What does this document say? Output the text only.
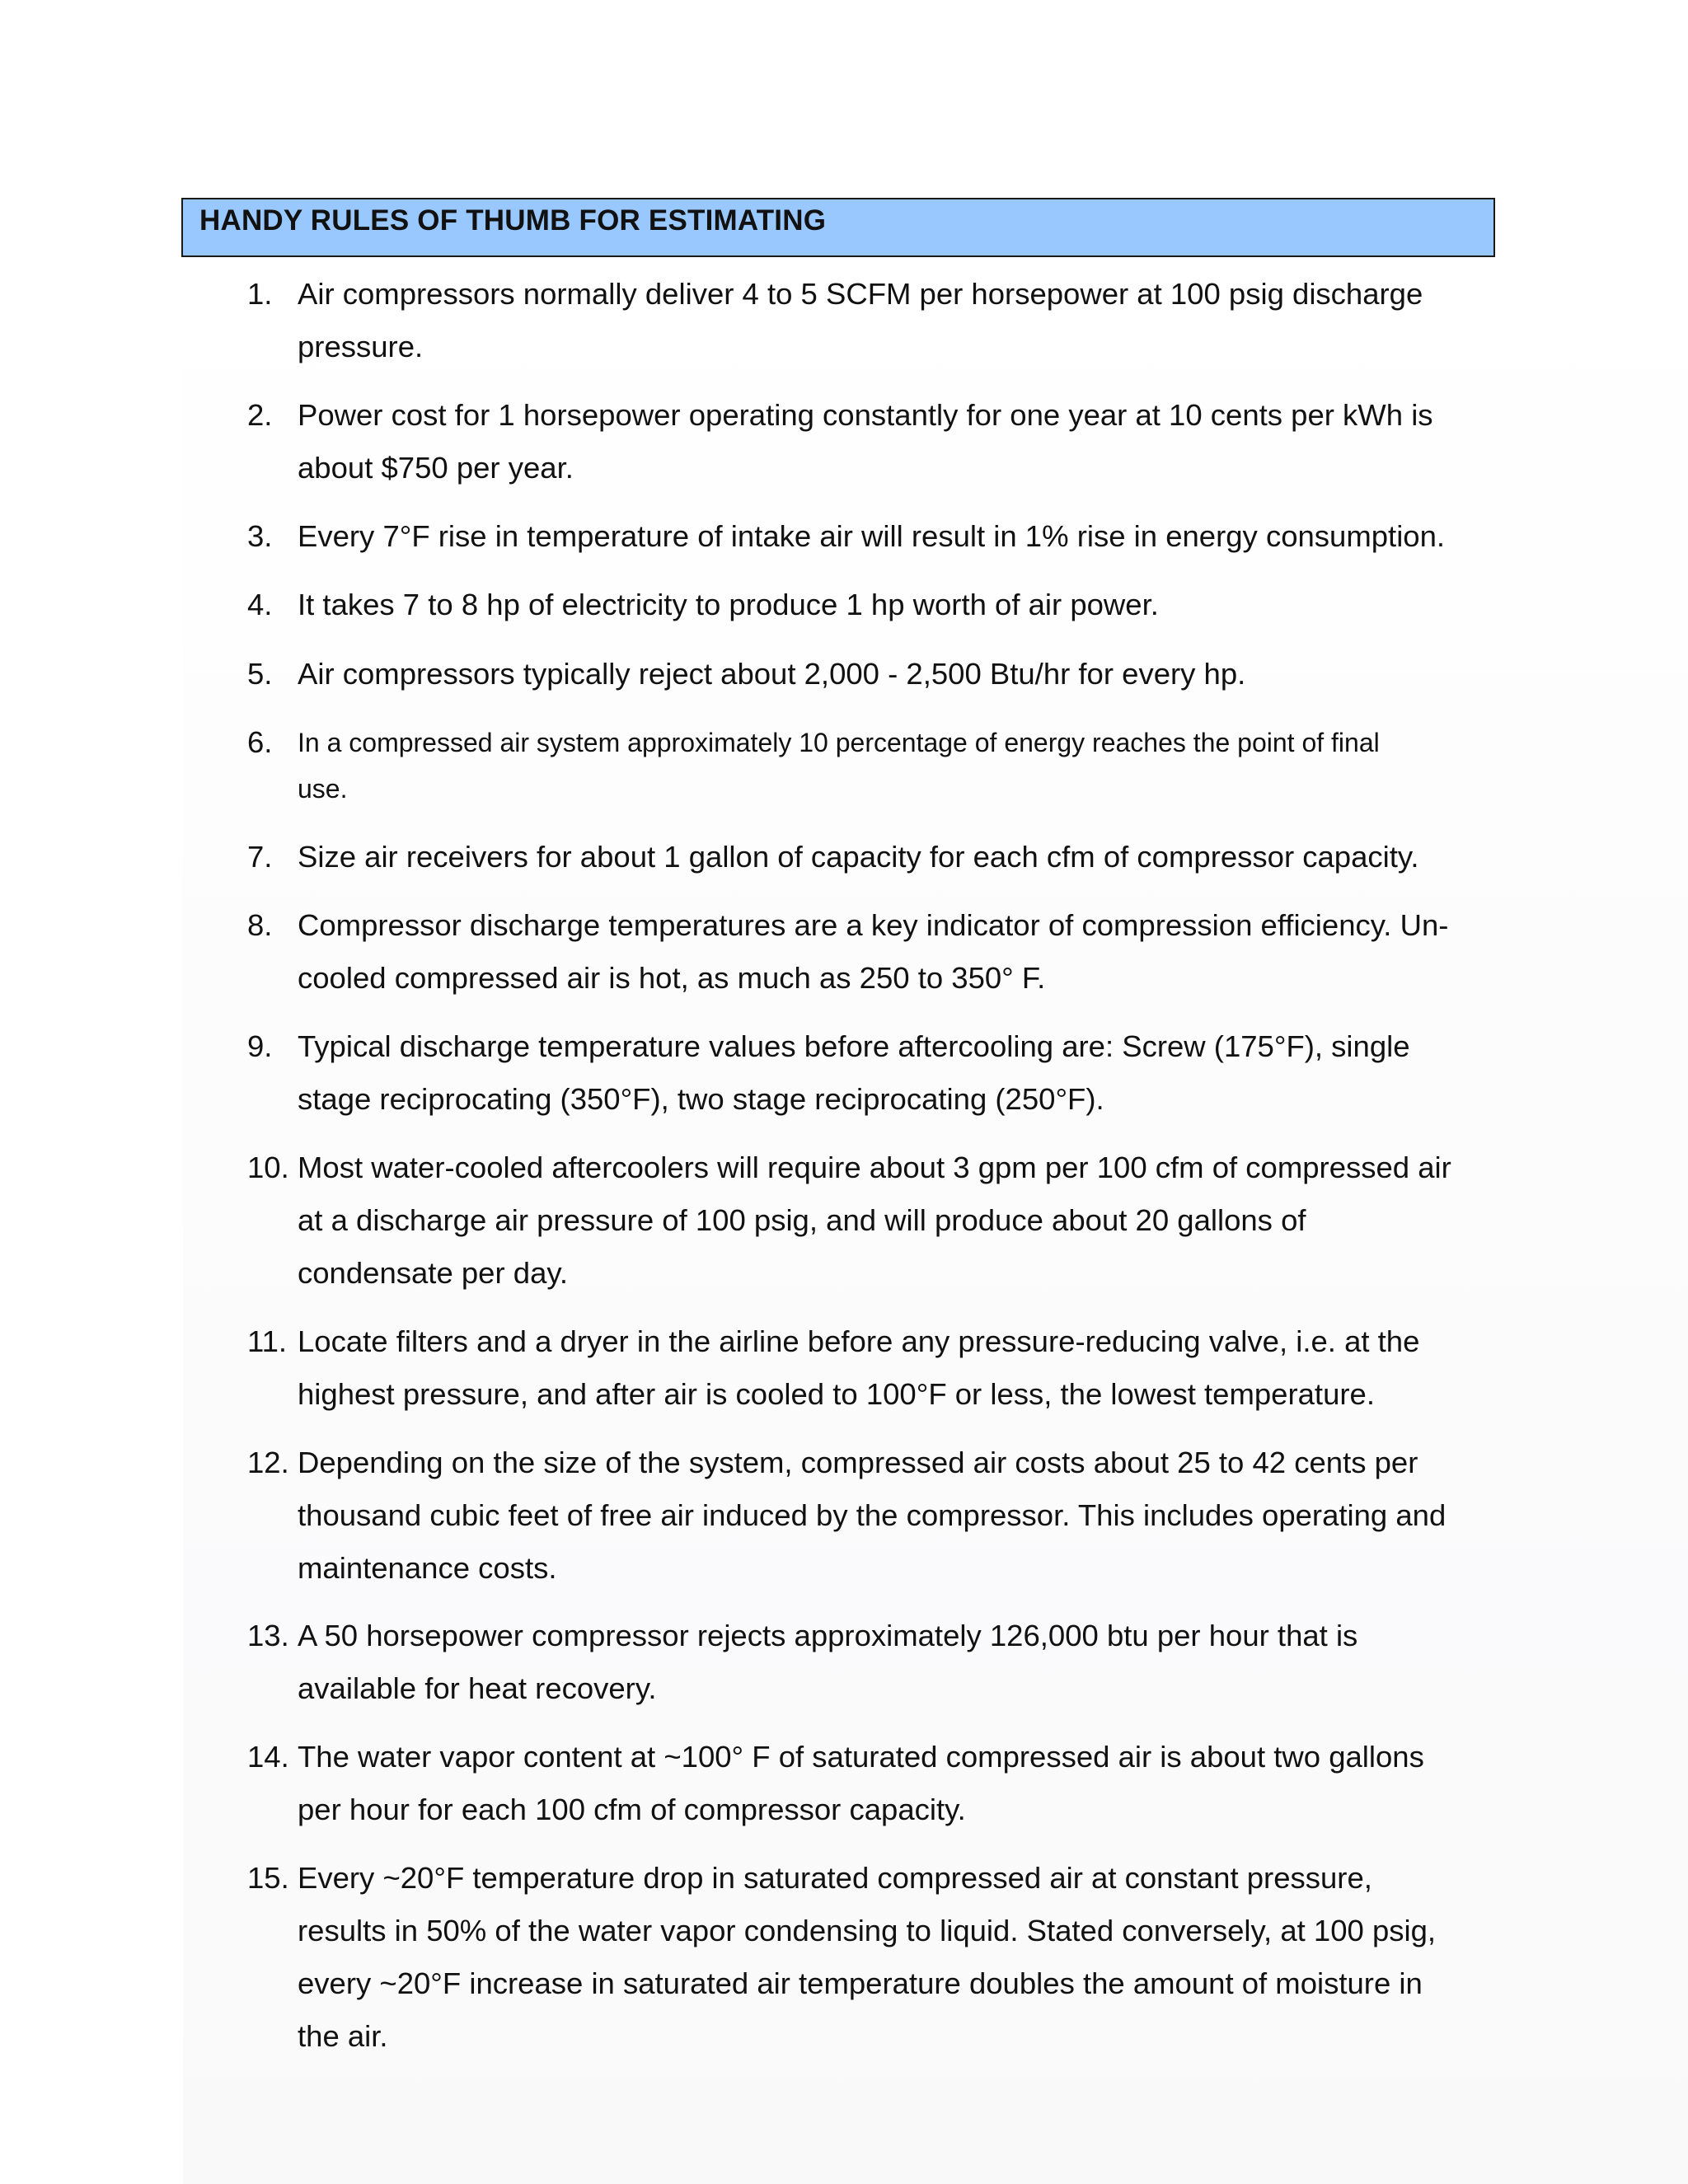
HANDY RULES OF THUMB FOR ESTIMATING
1. Air compressors normally deliver 4 to 5 SCFM per horsepower at 100 psig discharge
pressure.
2. Power cost for 1 horsepower operating constantly for one year at 10 cents per kWh is
about $750 per year.
3. Every 7°F rise in temperature of intake air will result in 1% rise in energy consumption.
4. It takes 7 to 8 hp of electricity to produce 1 hp worth of air power.
5. Air compressors typically reject about 2,000 - 2,500 Btu/hr for every hp.
6. In a compressed air system approximately 10 percentage of energy reaches the point of final
use.
7. Size air receivers for about 1 gallon of capacity for each cfm of compressor capacity.
8. Compressor discharge temperatures are a key indicator of compression efficiency. Un-
cooled compressed air is hot, as much as 250 to 350° F.
9. Typical discharge temperature values before aftercooling are: Screw (175°F), single
stage reciprocating (350°F), two stage reciprocating (250°F).
10. Most water-cooled aftercoolers will require about 3 gpm per 100 cfm of compressed air
at a discharge air pressure of 100 psig, and will produce about 20 gallons of
condensate per day.
11. Locate filters and a dryer in the airline before any pressure-reducing valve, i.e. at the
highest pressure, and after air is cooled to 100°F or less, the lowest temperature.
12. Depending on the size of the system, compressed air costs about 25 to 42 cents per
thousand cubic feet of free air induced by the compressor. This includes operating and
maintenance costs.
13. A 50 horsepower compressor rejects approximately 126,000 btu per hour that is
available for heat recovery.
14. The water vapor content at ~100° F of saturated compressed air is about two gallons
per hour for each 100 cfm of compressor capacity.
15. Every ~20°F temperature drop in saturated compressed air at constant pressure,
results in 50% of the water vapor condensing to liquid. Stated conversely, at 100 psig,
every ~20°F increase in saturated air temperature doubles the amount of moisture in
the air.
